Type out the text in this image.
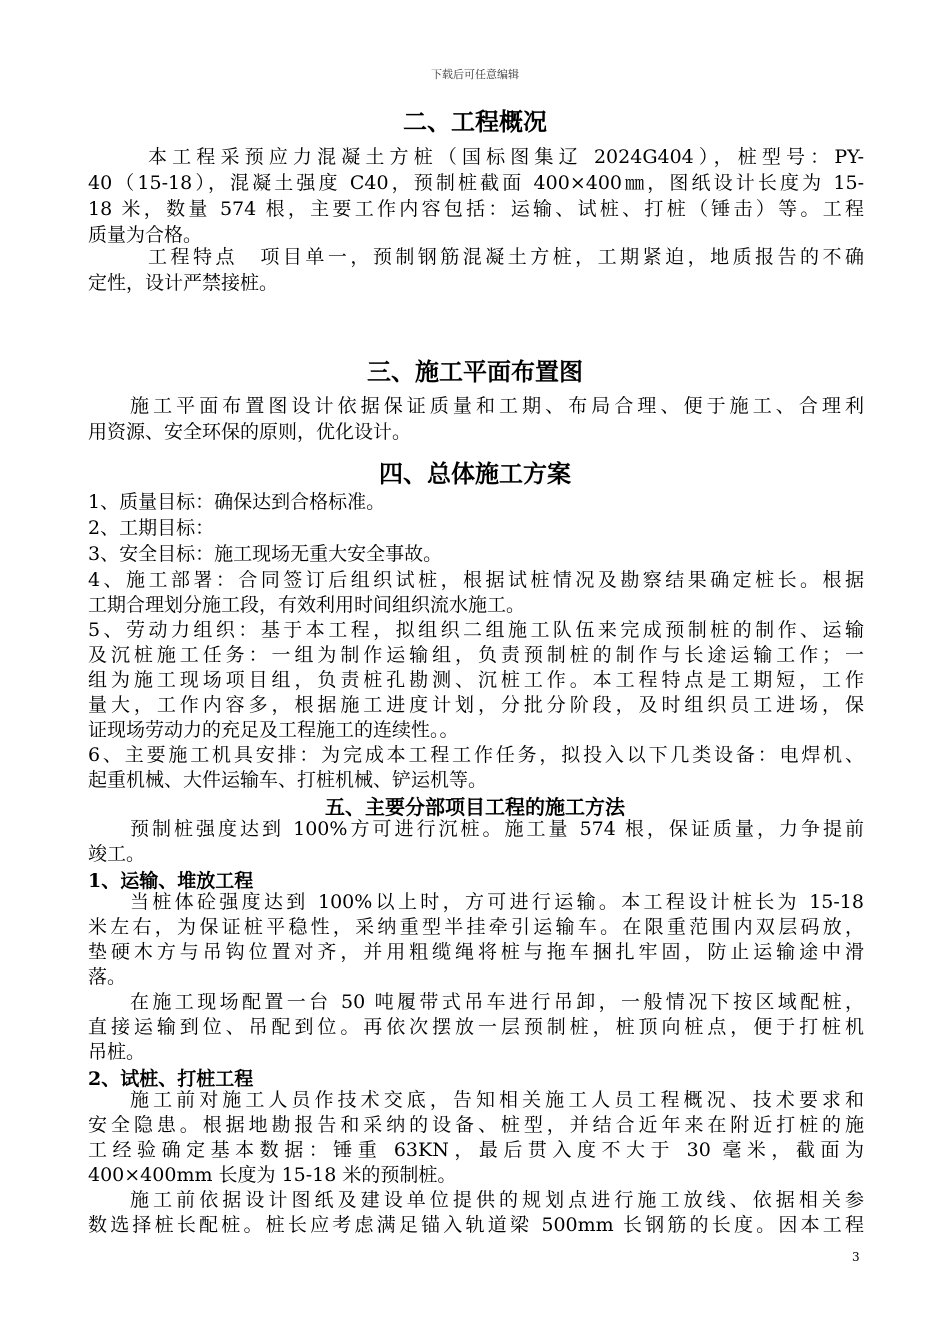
下载后可任意编辑
二、工程概况
本工程采预应力混凝土方桩（国标图集辽 2024G404），桩型号：PY-
40（15-18），混凝土强度 C40，预制桩截面 400×400㎜，图纸设计长度为 15-
18 米，数量 574 根，主要工作内容包括：运输、试桩、打桩（锤击）等。工程
质量为合格。
工程特点　项目单一，预制钢筋混凝土方桩，工期紧迫，地质报告的不确
定性，设计严禁接桩。
三、施工平面布置图
施工平面布置图设计依据保证质量和工期、布局合理、便于施工、合理利
用资源、安全环保的原则，优化设计。
四、总体施工方案
1、质量目标：确保达到合格标准。
2、工期目标：
3、安全目标：施工现场无重大安全事故。
4、施工部署：合同签订后组织试桩，根据试桩情况及勘察结果确定桩长。根据
工期合理划分施工段，有效利用时间组织流水施工。
5、劳动力组织：基于本工程，拟组织二组施工队伍来完成预制桩的制作、运输
及沉桩施工任务：一组为制作运输组，负责预制桩的制作与长途运输工作；一
组为施工现场项目组，负责桩孔勘测、沉桩工作。本工程特点是工期短，工作
量大，工作内容多，根据施工进度计划，分批分阶段，及时组织员工进场，保
证现场劳动力的充足及工程施工的连续性。。
6、主要施工机具安排：为完成本工程工作任务，拟投入以下几类设备：电焊机、
起重机械、大件运输车、打桩机械、铲运机等。
五、主要分部项目工程的施工方法
预制桩强度达到 100%方可进行沉桩。施工量 574 根，保证质量，力争提前
竣工。
1、运输、堆放工程
当桩体砼强度达到 100%以上时，方可进行运输。本工程设计桩长为 15-18
米左右，为保证桩平稳性，采纳重型半挂牵引运输车。在限重范围内双层码放，
垫硬木方与吊钩位置对齐，并用粗缆绳将桩与拖车捆扎牢固，防止运输途中滑
落。
在施工现场配置一台 50 吨履带式吊车进行吊卸，一般情况下按区域配桩，
直接运输到位、吊配到位。再依次摆放一层预制桩，桩顶向桩点，便于打桩机
吊桩。
2、试桩、打桩工程
施工前对施工人员作技术交底，告知相关施工人员工程概况、技术要求和
安全隐患。根据地勘报告和采纳的设备、桩型，并结合近年来在附近打桩的施
工经验确定基本数据：锤重 63KN，最后贯入度不大于 30 毫米，截面为
400×400mm 长度为 15-18 米的预制桩。
施工前依据设计图纸及建设单位提供的规划点进行施工放线、依据相关参
数选择桩长配桩。桩长应考虑满足锚入轨道梁 500mm 长钢筋的长度。因本工程
3
